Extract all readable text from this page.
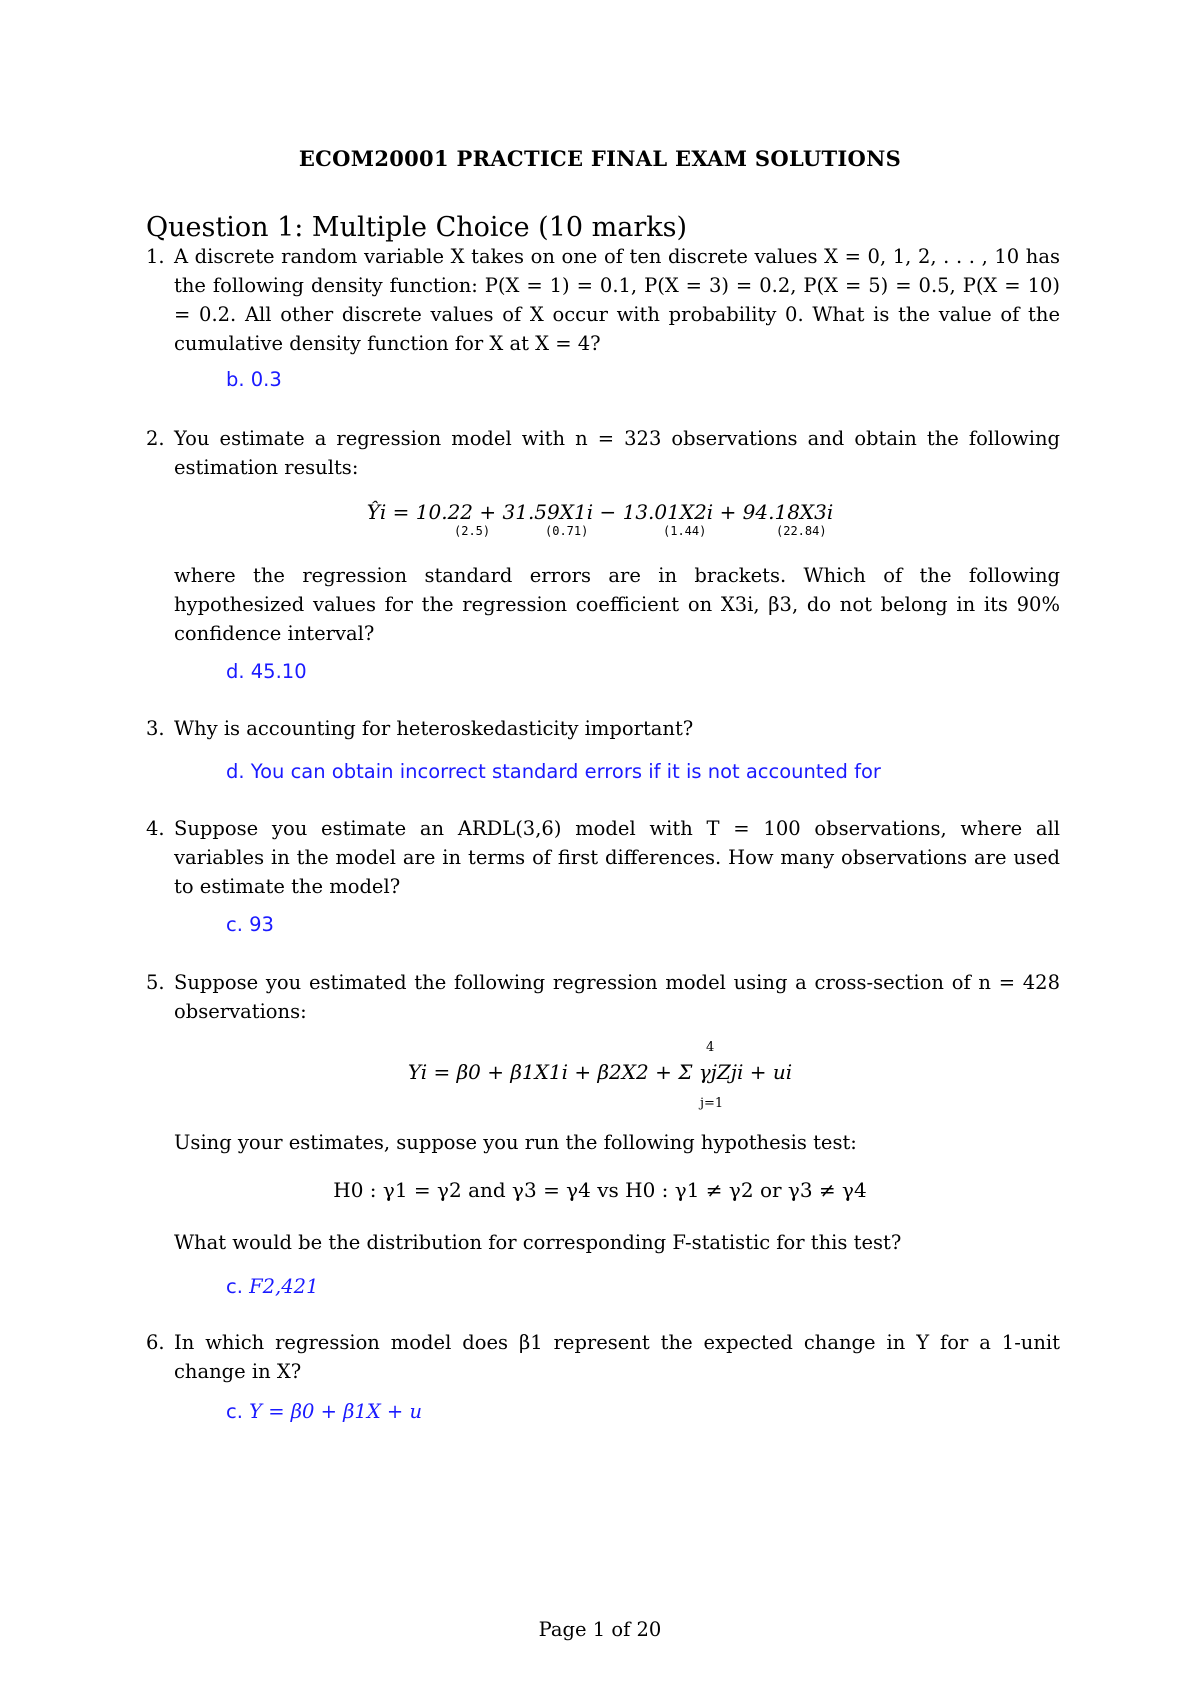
ECOM20001 PRACTICE FINAL EXAM SOLUTIONS
Question 1: Multiple Choice (10 marks)
1. A discrete random variable X takes on one of ten discrete values X = 0, 1, 2, . . . , 10 has the following density function: P(X = 1) = 0.1, P(X = 3) = 0.2, P(X = 5) = 0.5, P(X = 10) = 0.2. All other discrete values of X occur with probability 0. What is the value of the cumulative density function for X at X = 4?

b. 0.3
2. You estimate a regression model with n = 323 observations and obtain the following estimation results:

Ŷi = 10.22 + 31.59X1i − 13.01X2i + 94.18X3i
(2.5)	(0.71)	(1.44)	(22.84)

where the regression standard errors are in brackets. Which of the following hypothesized values for the regression coefficient on X3i, β3, do not belong in its 90% confidence interval?

d. 45.10
3. Why is accounting for heteroskedasticity important?

d. You can obtain incorrect standard errors if it is not accounted for
4. Suppose you estimate an ARDL(3,6) model with T = 100 observations, where all variables in the model are in terms of first differences. How many observations are used to estimate the model?

c. 93
5. Suppose you estimated the following regression model using a cross-section of n = 428 observations:

4
Yi = β0 + β1X1i + β2X2 + Σ γjZji + ui
j=1

Using your estimates, suppose you run the following hypothesis test:

H0 : γ1 = γ2 and γ3 = γ4 vs H0 : γ1 ≠ γ2 or γ3 ≠ γ4

What would be the distribution for corresponding F-statistic for this test?

c. F2,421
6. In which regression model does β1 represent the expected change in Y for a 1-unit change in X?

c. Y = β0 + β1X + u
Page 1 of 20
